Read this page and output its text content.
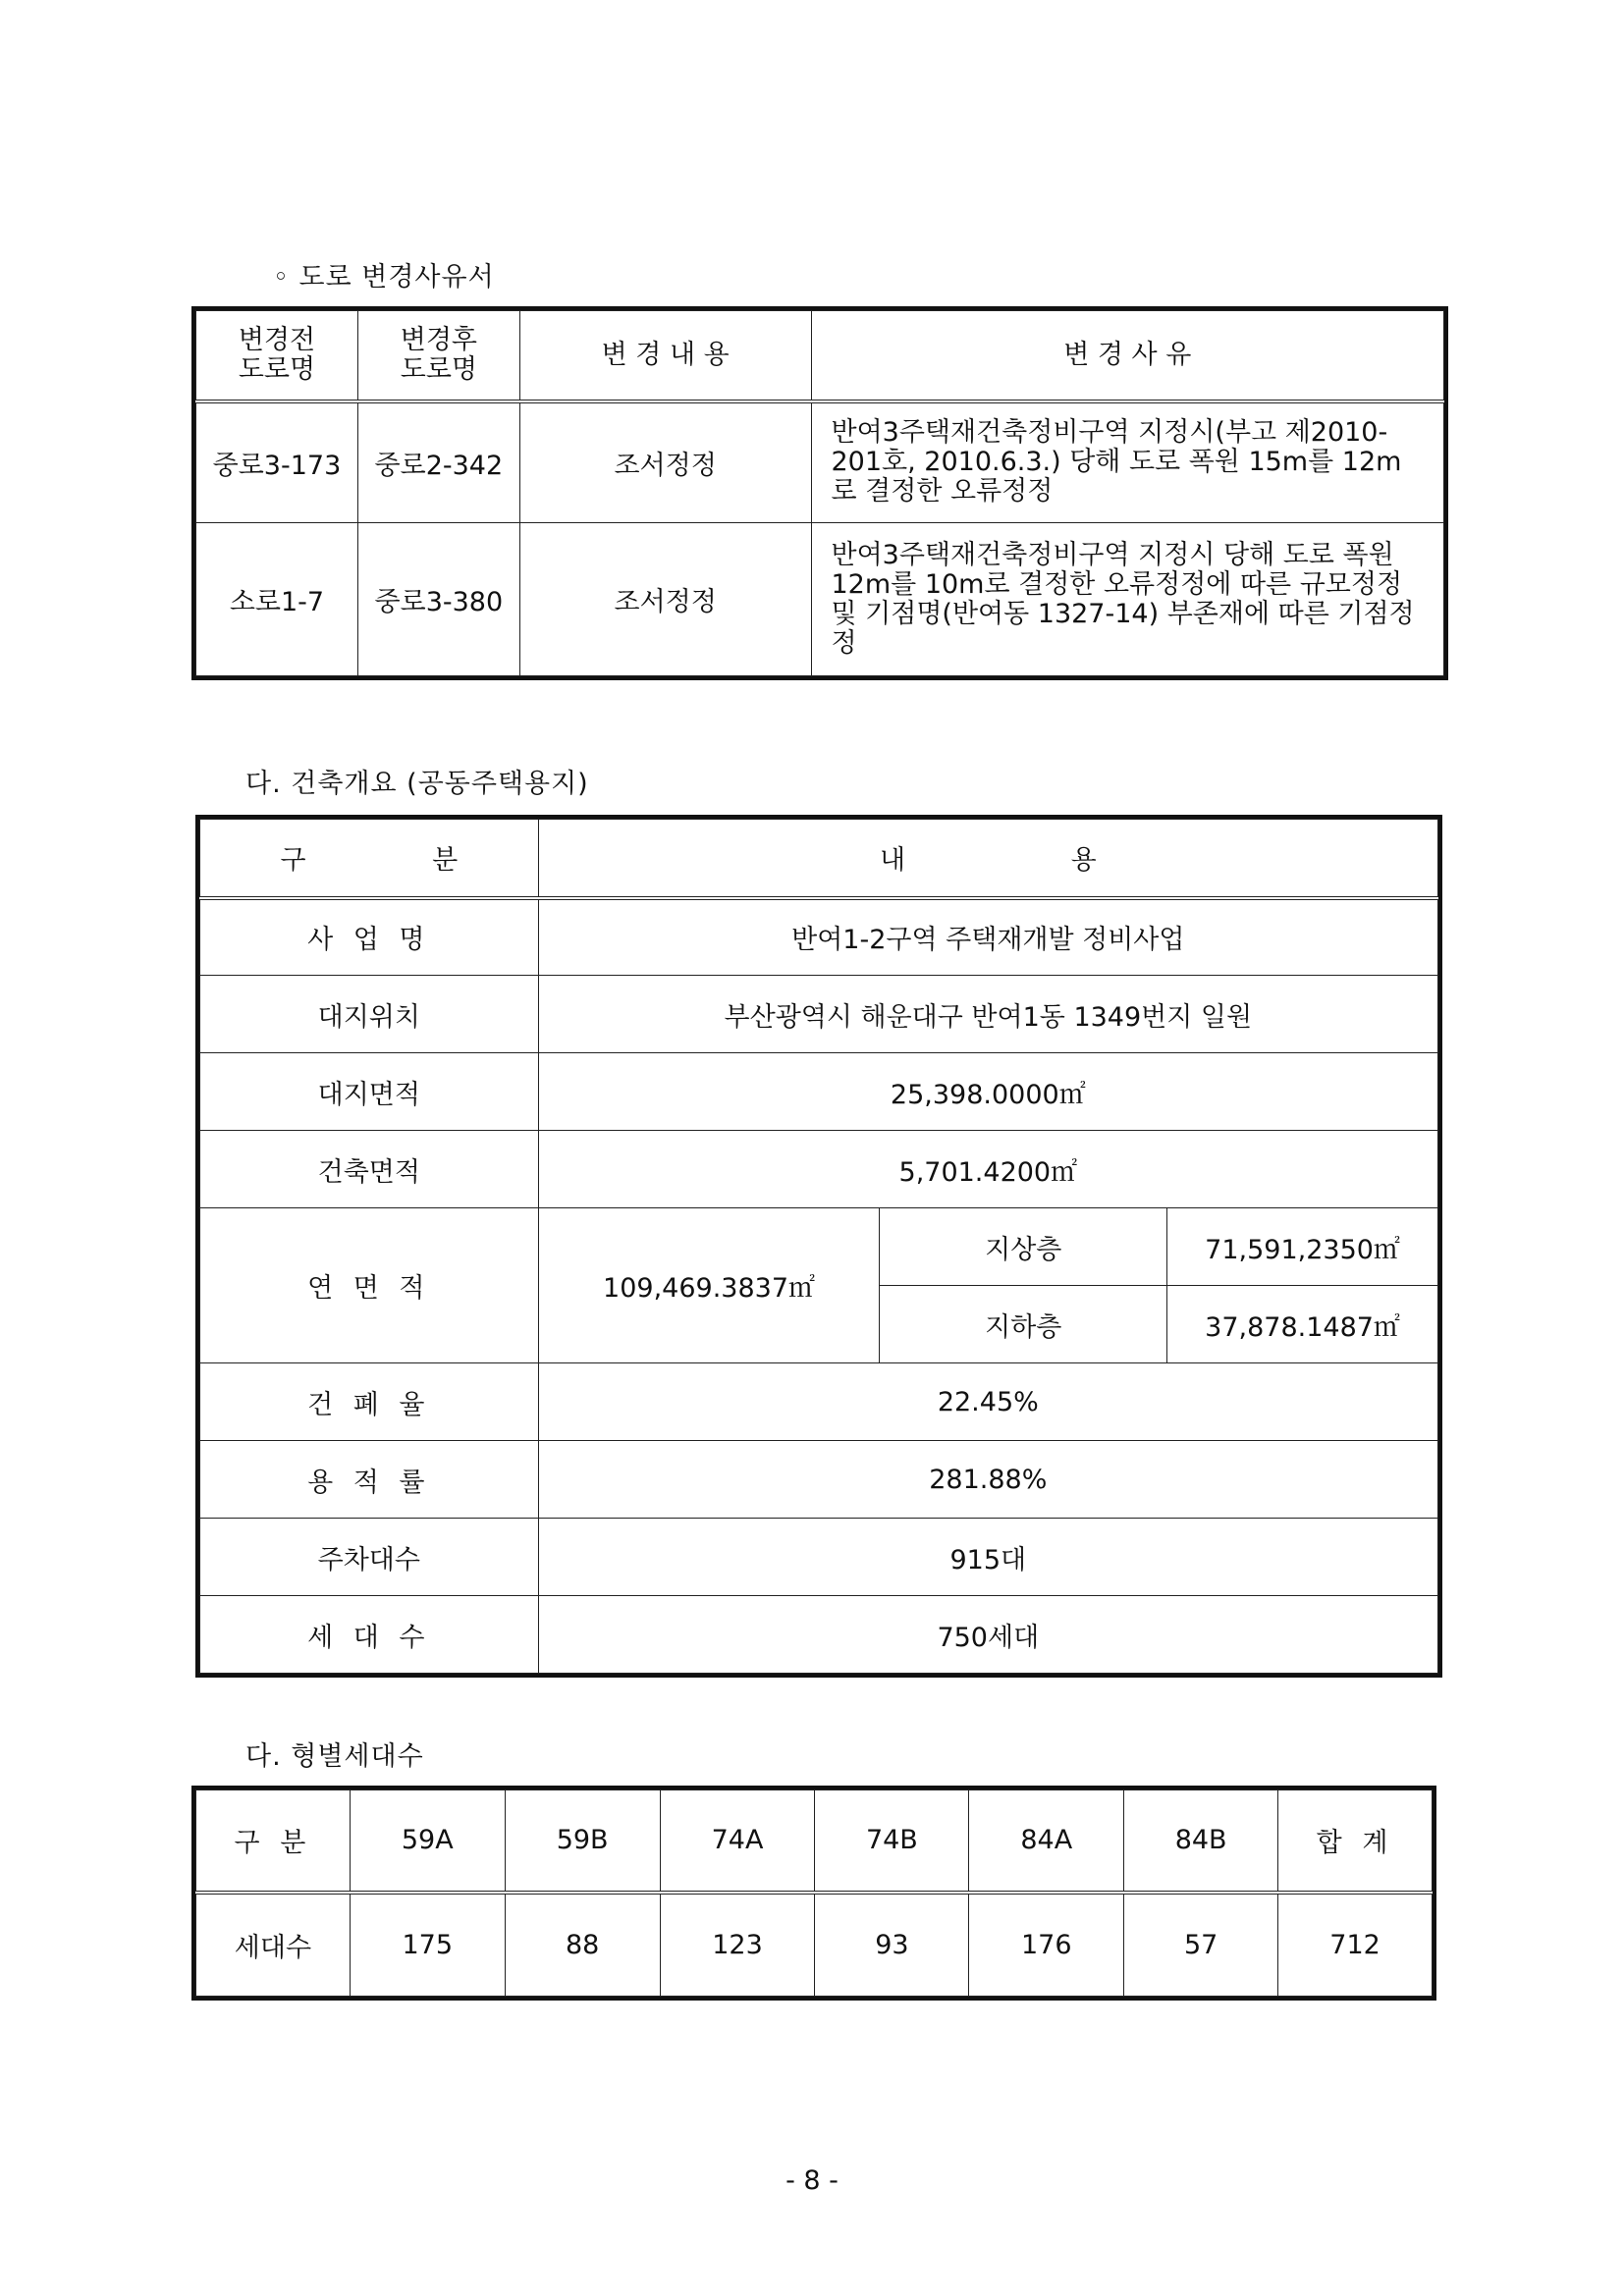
◦ 도로 변경사유서
변경전 도로명	변경후 도로명	변 경 내 용	변 경 사 유
중로3-173	중로2-342	조서정정	반여3주택재건축정비구역 지정시(부고 제2010-201호, 2010.6.3.) 당해 도로 폭원 15m를 12m로 결정한 오류정정
소로1-7	중로3-380	조서정정	반여3주택재건축정비구역 지정시 당해 도로 폭원 12m를 10m로 결정한 오류정정에 따른 규모정정 및 기점명(반여동 1327-14) 부존재에 따른 기점정정
다. 건축개요 (공동주택용지)
구 분	내 용		
사 업 명	반여1-2구역 주택재개발 정비사업		
대지위치	부산광역시 해운대구 반여1동 1349번지 일원		
대지면적	25,398.0000㎡		
건축면적	5,701.4200㎡		
연 면 적	109,469.3837㎡	지상층	71,591,2350㎡
		지하층	37,878.1487㎡
건 폐 율	22.45%		
용 적 률	281.88%		
주차대수	915대		
세 대 수	750세대		
다. 형별세대수
구 분	59A	59B	74A	74B	84A	84B	합 계
세대수	175	88	123	93	176	57	712
- 8 -
